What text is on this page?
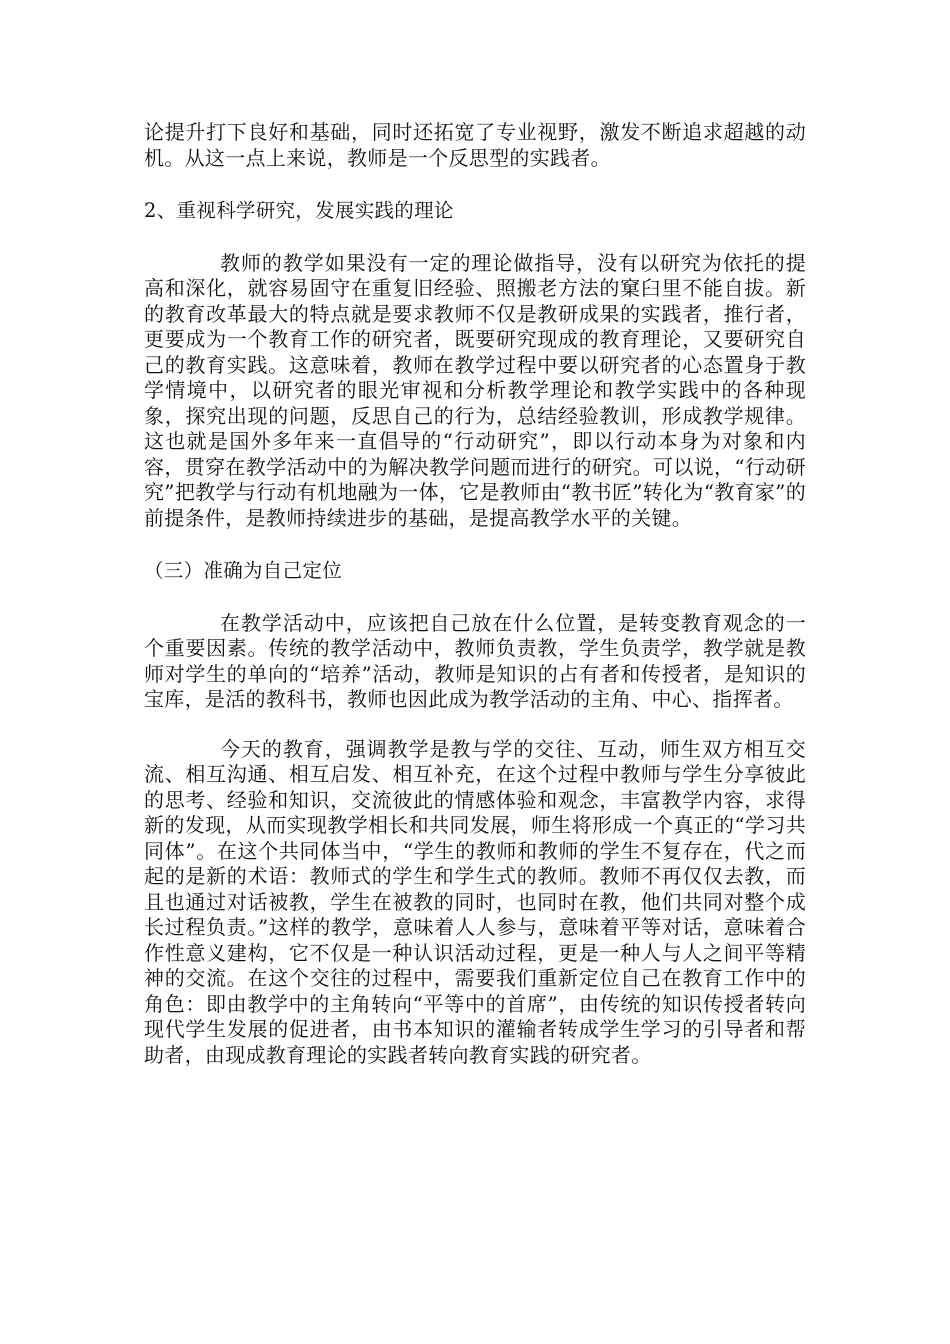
论提升打下良好和基础，同时还拓宽了专业视野，激发不断追求超越的动机。从这一点上来说，教师是一个反思型的实践者。

2、重视科学研究，发展实践的理论

教师的教学如果没有一定的理论做指导，没有以研究为依托的提高和深化，就容易固守在重复旧经验、照搬老方法的窠臼里不能自拔。新的教育改革最大的特点就是要求教师不仅是教研成果的实践者，推行者，更要成为一个教育工作的研究者，既要研究现成的教育理论，又要研究自己的教育实践。这意味着，教师在教学过程中要以研究者的心态置身于教学情境中，以研究者的眼光审视和分析教学理论和教学实践中的各种现象，探究出现的问题，反思自己的行为，总结经验教训，形成教学规律。这也就是国外多年来一直倡导的“行动研究”，即以行动本身为对象和内容，贯穿在教学活动中的为解决教学问题而进行的研究。可以说，“行动研究”把教学与行动有机地融为一体，它是教师由“教书匠”转化为“教育家”的前提条件，是教师持续进步的基础，是提高教学水平的关键。

（三）准确为自己定位

在教学活动中，应该把自己放在什么位置，是转变教育观念的一个重要因素。传统的教学活动中，教师负责教，学生负责学，教学就是教师对学生的单向的“培养”活动，教师是知识的占有者和传授者，是知识的宝库，是活的教科书，教师也因此成为教学活动的主角、中心、指挥者。

今天的教育，强调教学是教与学的交往、互动，师生双方相互交流、相互沟通、相互启发、相互补充，在这个过程中教师与学生分享彼此的思考、经验和知识，交流彼此的情感体验和观念，丰富教学内容，求得新的发现，从而实现教学相长和共同发展，师生将形成一个真正的“学习共同体”。在这个共同体当中，“学生的教师和教师的学生不复存在，代之而起的是新的术语：教师式的学生和学生式的教师。教师不再仅仅去教，而且也通过对话被教，学生在被教的同时，也同时在教，他们共同对整个成长过程负责。”这样的教学，意味着人人参与，意味着平等对话，意味着合作性意义建构，它不仅是一种认识活动过程，更是一种人与人之间平等精神的交流。在这个交往的过程中，需要我们重新定位自己在教育工作中的角色：即由教学中的主角转向“平等中的首席”，由传统的知识传授者转向现代学生发展的促进者，由书本知识的灌输者转成学生学习的引导者和帮助者，由现成教育理论的实践者转向教育实践的研究者。
